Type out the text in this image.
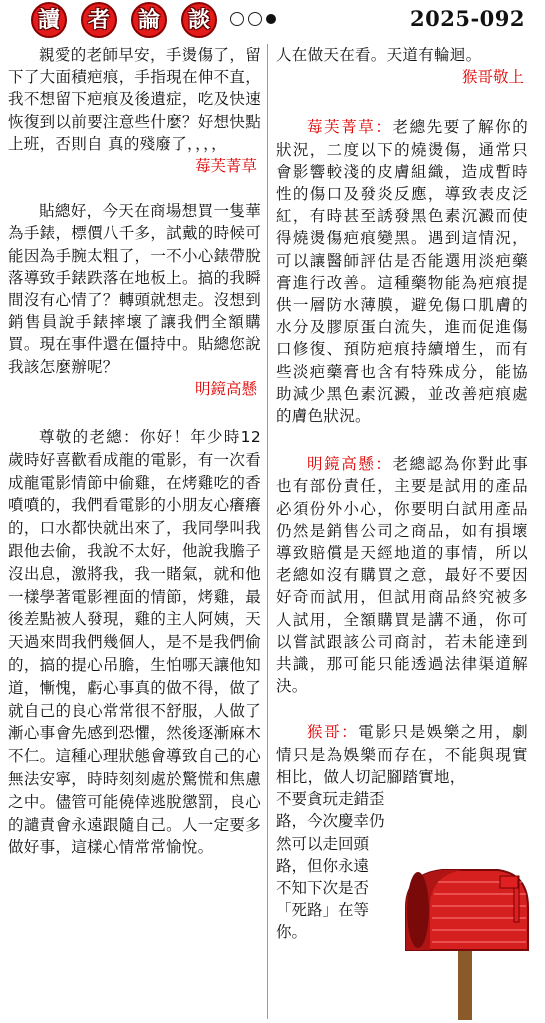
讀	者	論	談	2025-092

親愛的老師早安，手燙傷了，留下了大面積疤痕，手指現在伸不直，我不想留下疤痕及後遺症，吃及快速恢復到以前要注意些什麼？好想快點上班，否則自 真的殘廢了，，，，

莓芙菁草

貼總好，今天在商場想買一隻華為手錶，標價八千多，試戴的時候可能因為手腕太粗了，一不小心錶帶脫落導致手錶跌落在地板上。搞的我瞬間沒有心情了？轉頭就想走。沒想到銷售員說手錶摔壞了讓我們全額購買。現在事件還在僵持中。貼總您說我該怎麼辦呢？

明鏡高懸

尊敬的老總：你好！年少時12歲時好喜歡看成龍的電影，有一次看成龍電影情節中偷雞，在烤雞吃的香噴噴的，我們看電影的小朋友心癢癢的，口水都快就出來了，我同學叫我跟他去偷，我說不太好，他說我膽子沒出息，激將我，我一賭氣，就和他一樣學著電影裡面的情節，烤雞，最後差點被人發現，雞的主人阿姨，天天過來問我們幾個人，是不是我們偷的，搞的提心吊膽，生怕哪天讓他知道，慚愧，虧心事真的做不得，做了就自己的良心常常很不舒服，人做了漸心事會先感到恐懼，然後逐漸麻木不仁。這種心理狀態會導致自己的心無法安寧，時時刻刻處於驚慌和焦慮之中。儘管可能僥倖逃脫懲罰，良心的譴責會永遠跟隨自己。人一定要多做好事，這樣心情常常愉悅。

人在做天在看。天道有輪迴。

猴哥敬上

莓芙菁草：老總先要了解你的狀況，二度以下的燒燙傷，通常只會影響較淺的皮膚組織，造成暫時性的傷口及發炎反應，導致表皮泛紅，有時甚至誘發黑色素沉澱而使得燒燙傷疤痕變黑。遇到這情況，可以讓醫師評估是否能選用淡疤藥膏進行改善。這種藥物能為疤痕提供一層防水薄膜，避免傷口肌膚的水分及膠原蛋白流失，進而促進傷口修復、預防疤痕持續增生，而有些淡疤藥膏也含有特殊成分，能協助減少黑色素沉澱，並改善疤痕處的膚色狀況。

明鏡高懸：老總認為你對此事也有部份責任，主要是試用的產品必須份外小心，你要明白試用產品仍然是銷售公司之商品，如有損壞導致賠償是天經地道的事情，所以老總如沒有購買之意，最好不要因好奇而試用，但試用商品終究被多人試用，全額購買是講不通，你可以嘗試跟該公司商討，若未能達到共識，那可能只能透過法律渠道解決。

猴哥：電影只是娛樂之用，劇情只是為娛樂而存在，不能與現實相比，做人切記腳踏實地，

不要貪玩走錯歪
路，今次慶幸仍
然可以走回頭
路，但你永遠
不知下次是否
「死路」在等你。
